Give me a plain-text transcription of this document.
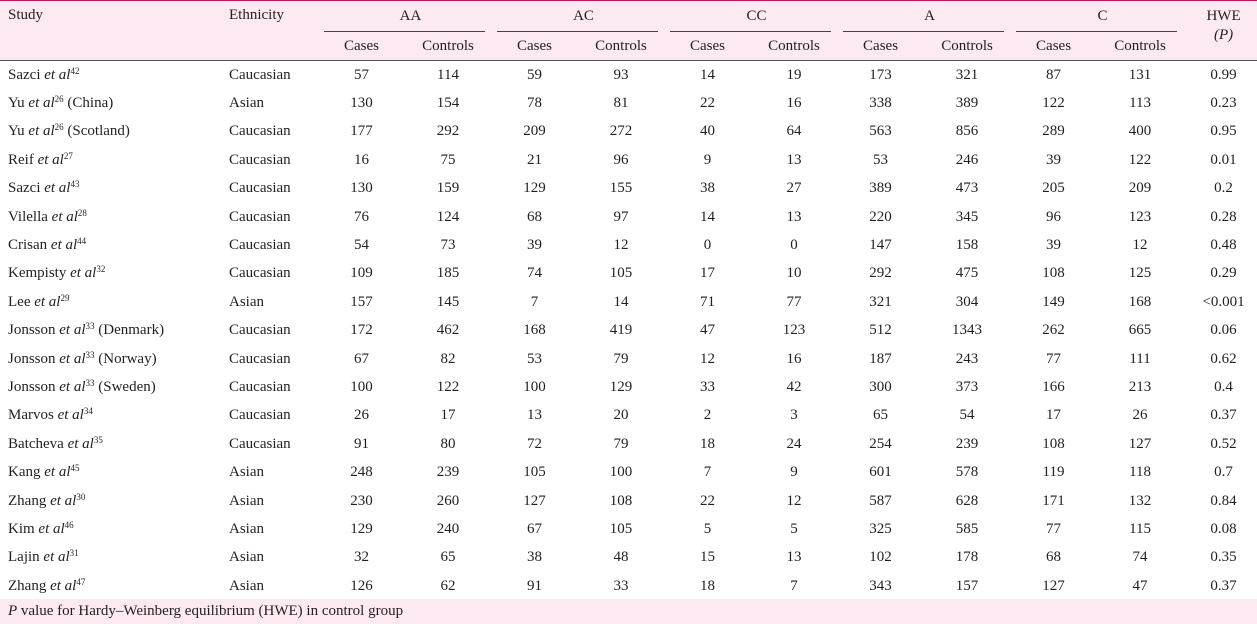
Study	Ethnicity	AA		AC		CC		A		C		HWE
(P)
		Cases	Controls	Cases	Controls	Cases	Controls	Cases	Controls	Cases	Controls	
Sazci et $al^{42}$	Caucasian	57	114	59	93	14	19	173	321	87	131	0.99
Yu et $al^{26}$ (China)	Asian	130	154	78	81	22	16	338	389	122	113	0.23
Yu et $al^{26}$ (Scotland)	Caucasian	177	292	209	272	40	64	563	856	289	400	0.95
Reif et $al^{27}$	Caucasian	16	75	21	96	9	13	53	246	39	122	0.01
Sazci et $al^{43}$	Caucasian	130	159	129	155	38	27	389	473	205	209	0.2
Vilella et $al^{28}$	Caucasian	76	124	68	97	14	13	220	345	96	123	0.28
Crisan et $al^{44}$	Caucasian	54	73	39	12	0	0	147	158	39	12	0.48
Kempisty et $al^{32}$	Caucasian	109	185	74	105	17	10	292	475	108	125	0.29
Lee et $al^{29}$	Asian	157	145	7	14	71	77	321	304	149	168	<0.001
Jonsson et $al^{33}$ (Denmark)	Caucasian	172	462	168	419	47	123	512	1343	262	665	0.06
Jonsson et $al^{33}$ (Norway)	Caucasian	67	82	53	79	12	16	187	243	77	111	0.62
Jonsson et $al^{33}$ (Sweden)	Caucasian	100	122	100	129	33	42	300	373	166	213	0.4
Marvos et $al^{34}$	Caucasian	26	17	13	20	2	3	65	54	17	26	0.37
Batcheva et $al^{35}$	Caucasian	91	80	72	79	18	24	254	239	108	127	0.52
Kang et $al^{45}$	Asian	248	239	105	100	7	9	601	578	119	118	0.7
Zhang et $al^{30}$	Asian	230	260	127	108	22	12	587	628	171	132	0.84
Kim et $al^{46}$	Asian	129	240	67	105	5	5	325	585	77	115	0.08
Lajin et $al^{31}$	Asian	32	65	38	48	15	13	102	178	68	74	0.35
Zhang et $al^{47}$	Asian	126	62	91	33	18	7	343	157	127	47	0.37
P value for Hardy–Weinberg equilibrium (HWE) in control group
